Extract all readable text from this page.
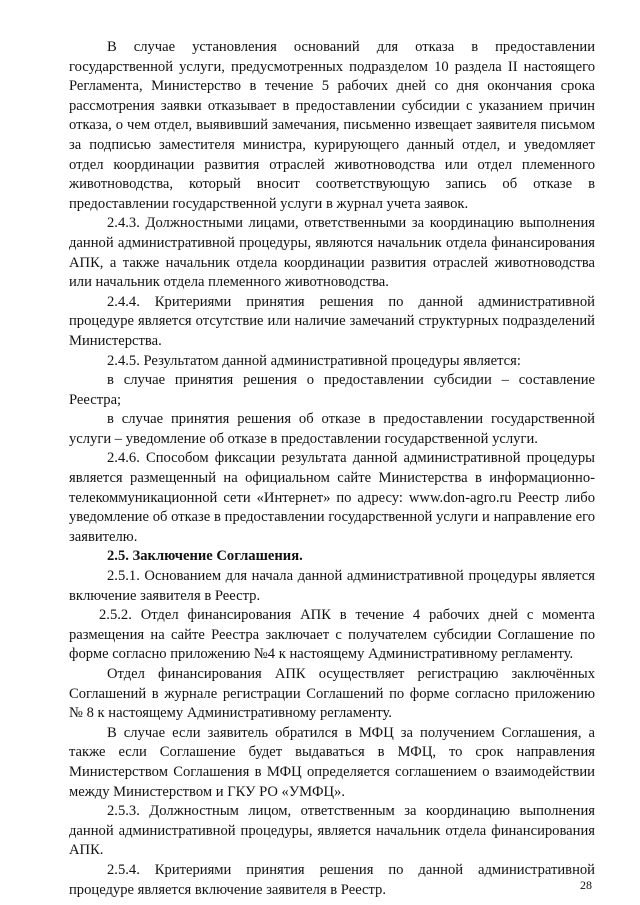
В случае установления оснований для отказа в предоставлении государственной услуги, предусмотренных подразделом 10 раздела II настоящего Регламента, Министерство в течение 5 рабочих дней со дня окончания срока рассмотрения заявки отказывает в предоставлении субсидии с указанием причин отказа, о чем отдел, выявивший замечания, письменно извещает заявителя письмом за подписью заместителя министра, курирующего данный отдел, и уведомляет отдел координации развития отраслей животноводства или отдел племенного животноводства, который вносит соответствующую запись об отказе в предоставлении государственной услуги в журнал учета заявок.

2.4.3. Должностными лицами, ответственными за координацию выполнения данной административной процедуры, являются начальник отдела финансирования АПК, а также начальник отдела координации развития отраслей животноводства или начальник отдела племенного животноводства.

2.4.4. Критериями принятия решения по данной административной процедуре является отсутствие или наличие замечаний структурных подразделений Министерства.

2.4.5. Результатом данной административной процедуры является:

в случае принятия решения о предоставлении субсидии – составление Реестра;

в случае принятия решения об отказе в предоставлении государственной услуги – уведомление об отказе в предоставлении государственной услуги.

2.4.6. Способом фиксации результата данной административной процедуры является размещенный на официальном сайте Министерства в информационно-телекоммуникационной сети «Интернет» по адресу: www.don-agro.ru Реестр либо уведомление об отказе в предоставлении государственной услуги и направление его заявителю.

2.5. Заключение Соглашения.

2.5.1. Основанием для начала данной административной процедуры является включение заявителя в Реестр.

2.5.2. Отдел финансирования АПК в течение 4 рабочих дней с момента размещения на сайте Реестра заключает с получателем субсидии Соглашение по форме согласно приложению №4 к настоящему Административному регламенту.

Отдел финансирования АПК осуществляет регистрацию заключённых Соглашений в журнале регистрации Соглашений по форме согласно приложению № 8 к настоящему Административному регламенту.

В случае если заявитель обратился в МФЦ за получением Соглашения, а также если Соглашение будет выдаваться в МФЦ, то срок направления Министерством Соглашения в МФЦ определяется соглашением о взаимодействии между Министерством и ГКУ РО «УМФЦ».

2.5.3. Должностным лицом, ответственным за координацию выполнения данной административной процедуры, является начальник отдела финансирования АПК.

2.5.4. Критериями принятия решения по данной административной процедуре является включение заявителя в Реестр.	28
